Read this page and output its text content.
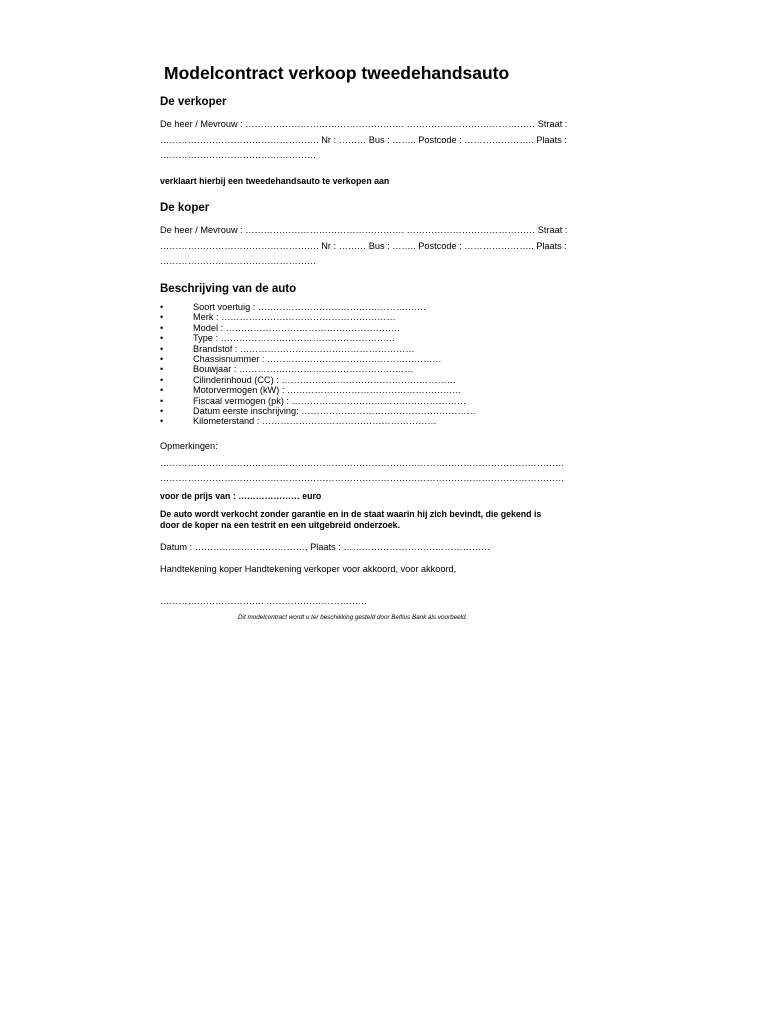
Modelcontract verkoop tweedehandsauto
De verkoper

De heer / Mevrouw : ……………………………………………. …………………………………… Straat :
……………………………………………. Nr : ……… Bus : …….. Postcode : ………………….. Plaats :
……………………………………………

verklaart hierbij een tweedehandsauto te verkopen aan

De koper

De heer / Mevrouw : ……………………………………………. …………………………………… Straat :
……………………………………………. Nr : ……… Bus : …….. Postcode : ………………….. Plaats :
……………………………………………

Beschrijving van de auto
•	Soort voertuig : ……………………………………………….
•	Merk : …………………………………………………
•	Model : …………………………………………………
•	Type : …………………………………………………
•	Brandstof : …………………………………………………
•	Chassisnummer : …………………………………………………
•	Bouwjaar : …………………………………………………
•	Cilinderinhoud (CC) : …………………………………………………
•	Motorvermogen (kW) : …………………………………………………
•	Fiscaal vermogen (pk) : …………………………………………………
•	Datum eerste inschrijving: …………………………………………………
•	Kilometerstand : …………………………………………………

Opmerkingen:

……………………………………………………………………………………………………………………

……………………………………………………………………………………………………………………

voor de prijs van : ………………… euro

De auto wordt verkocht zonder garantie en in de staat waarin hij zich bevindt, die gekend is

door de koper na een testrit en een uitgebreid onderzoek.

Datum : ………………………………, Plaats : …………………………………………

Handtekening koper Handtekening verkoper voor akkoord, voor akkoord,

……………………………. ……………………………

Dit modelcontract wordt u ter beschikking gesteld door Belfius Bank als voorbeeld.
